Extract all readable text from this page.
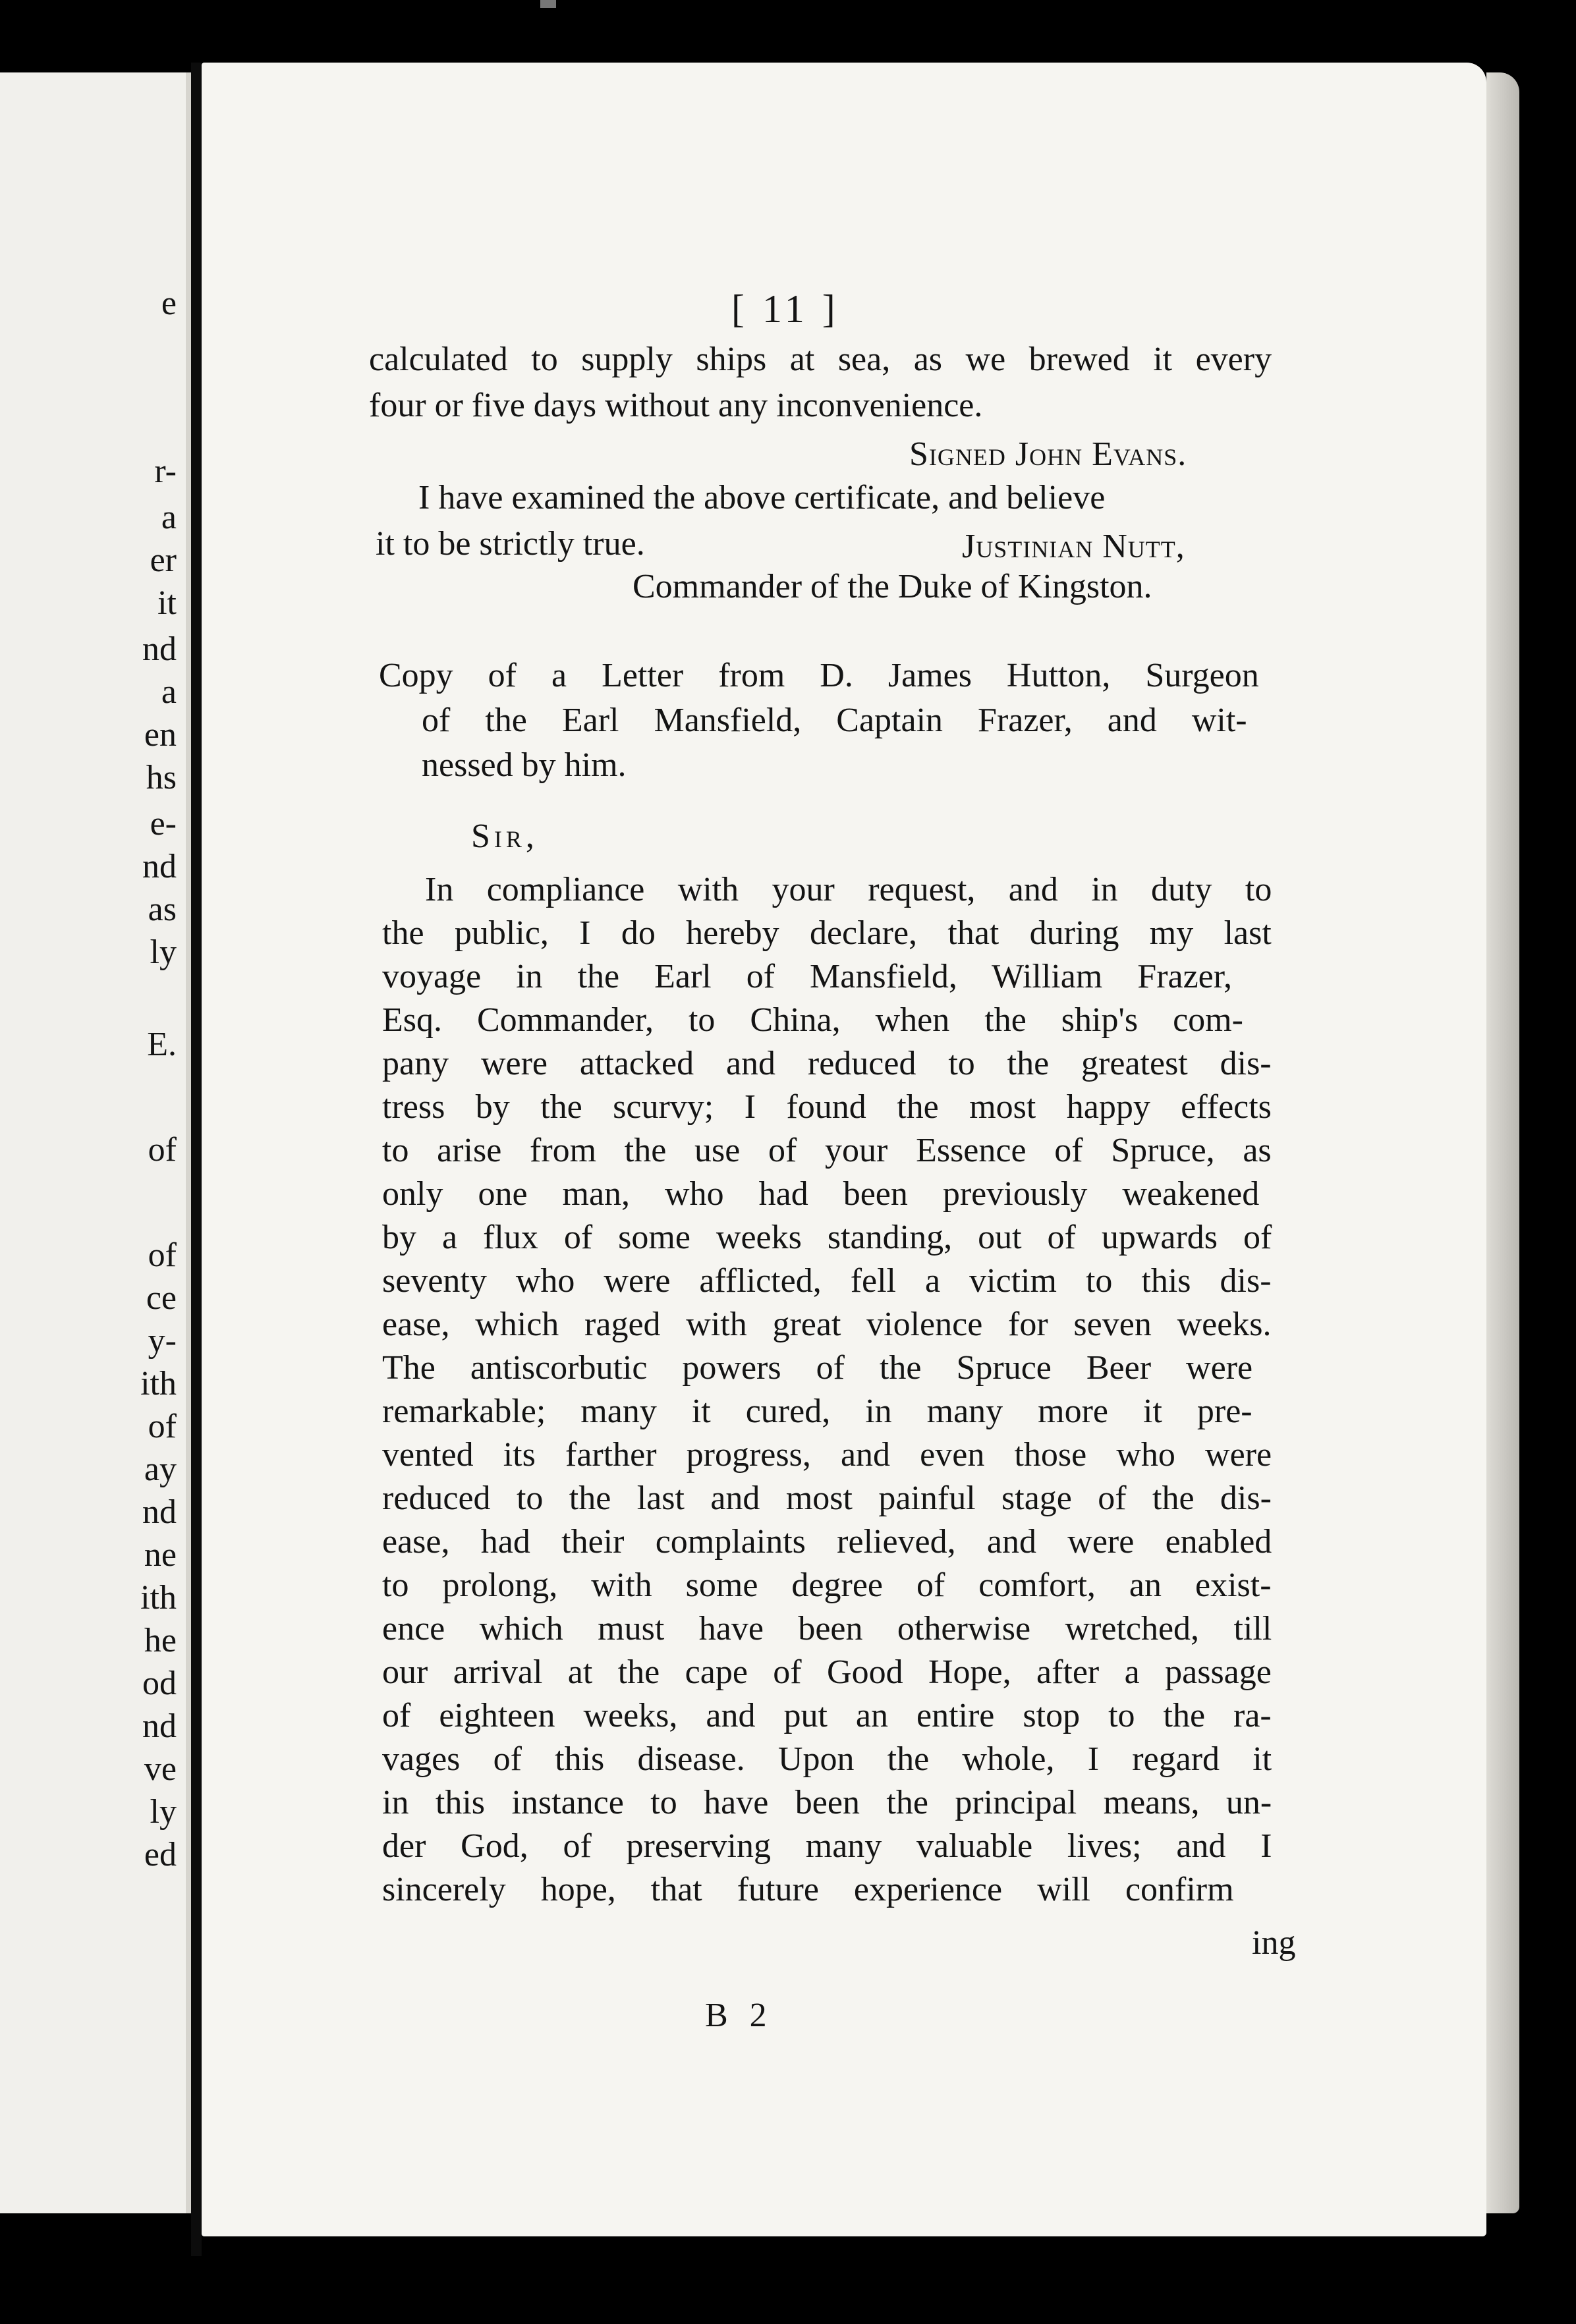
e
r-
a
er
it
nd
a
en
hs
e-
nd
as
ly
E.
of
of
ce
y-
ith
of
ay
nd
ne
ith
he
od
nd
ve
ly
ed
[ 11 ]
calculated to supply ships at sea, as we brewed it every
four or five days without any inconvenience.
Signed John Evans.
I have examined the above certificate, and believe
it to be strictly true.	Justinian Nutt,
Commander of the Duke of Kingston.
Copy of a Letter from D. James Hutton, Surgeon
of the Earl Mansfield, Captain Frazer, and wit-
nessed by him.
Sir,
In compliance with your request, and in duty to
the public, I do hereby declare, that during my last
voyage in the Earl of Mansfield, William Frazer,
Esq. Commander, to China, when the ship's com-
pany were attacked and reduced to the greatest dis-
tress by the scurvy; I found the most happy effects
to arise from the use of your Essence of Spruce, as
only one man, who had been previously weakened
by a flux of some weeks standing, out of upwards of
seventy who were afflicted, fell a victim to this dis-
ease, which raged with great violence for seven weeks.
The antiscorbutic powers of the Spruce Beer were
remarkable; many it cured, in many more it pre-
vented its farther progress, and even those who were
reduced to the last and most painful stage of the dis-
ease, had their complaints relieved, and were enabled
to prolong, with some degree of comfort, an exist-
ence which must have been otherwise wretched, till
our arrival at the cape of Good Hope, after a passage
of eighteen weeks, and put an entire stop to the ra-
vages of this disease. Upon the whole, I regard it
in this instance to have been the principal means, un-
der God, of preserving many valuable lives; and I
sincerely hope, that future experience will confirm
B 2
ing
